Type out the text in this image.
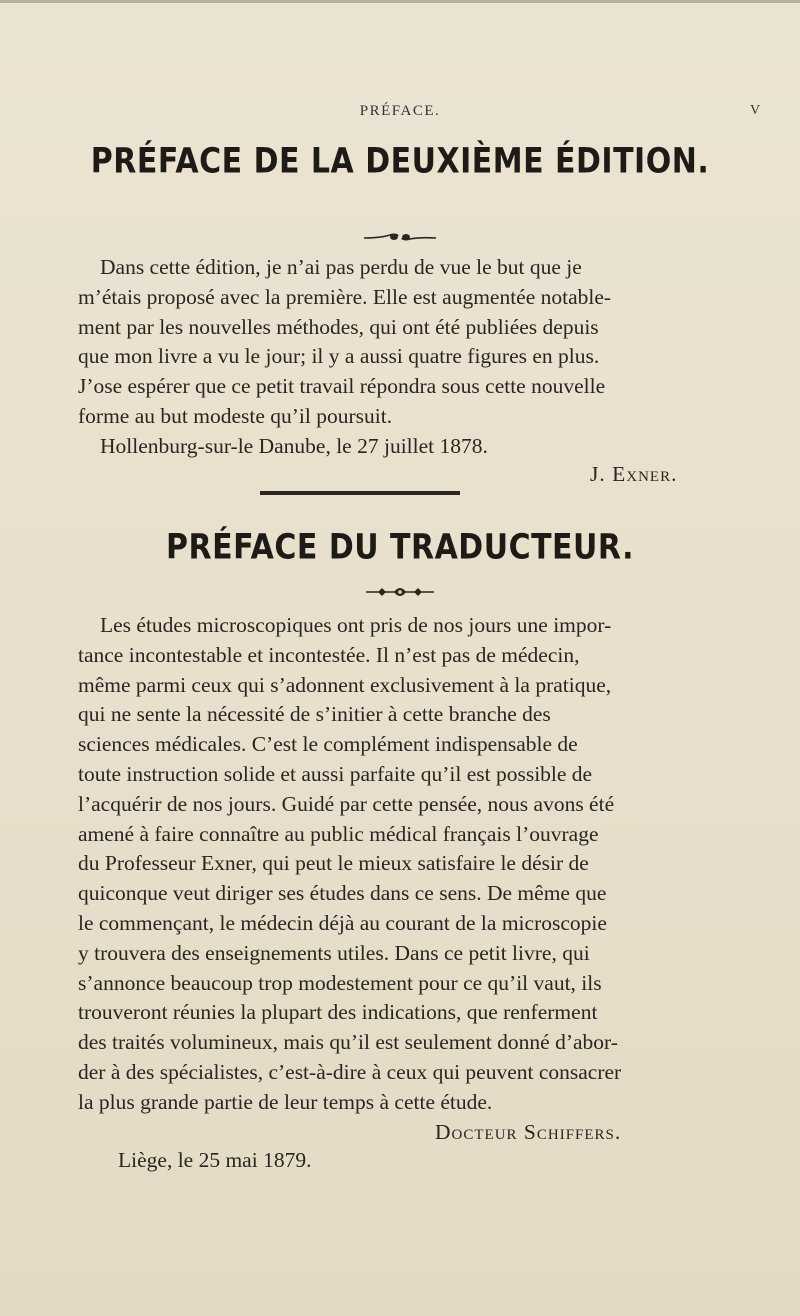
PRÉFACE.	V
PRÉFACE DE LA DEUXIÈME ÉDITION.
Dans cette édition, je n’ai pas perdu de vue le but que je
m’étais proposé avec la première. Elle est augmentée notable-
ment par les nouvelles méthodes, qui ont été publiées depuis
que mon livre a vu le jour; il y a aussi quatre figures en plus.
J’ose espérer que ce petit travail répondra sous cette nouvelle
forme au but modeste qu’il poursuit.
Hollenburg-sur-le Danube, le 27 juillet 1878.
J. Exner.
PRÉFACE DU TRADUCTEUR.
Les études microscopiques ont pris de nos jours une impor-
tance incontestable et incontestée. Il n’est pas de médecin,
même parmi ceux qui s’adonnent exclusivement à la pratique,
qui ne sente la nécessité de s’initier à cette branche des
sciences médicales. C’est le complément indispensable de
toute instruction solide et aussi parfaite qu’il est possible de
l’acquérir de nos jours. Guidé par cette pensée, nous avons été
amené à faire connaître au public médical français l’ouvrage
du Professeur Exner, qui peut le mieux satisfaire le désir de
quiconque veut diriger ses études dans ce sens. De même que
le commençant, le médecin déjà au courant de la microscopie
y trouvera des enseignements utiles. Dans ce petit livre, qui
s’annonce beaucoup trop modestement pour ce qu’il vaut, ils
trouveront réunies la plupart des indications, que renferment
des traités volumineux, mais qu’il est seulement donné d’abor-
der à des spécialistes, c’est-à-dire à ceux qui peuvent consacrer
la plus grande partie de leur temps à cette étude.
Docteur Schiffers.
Liège, le 25 mai 1879.
